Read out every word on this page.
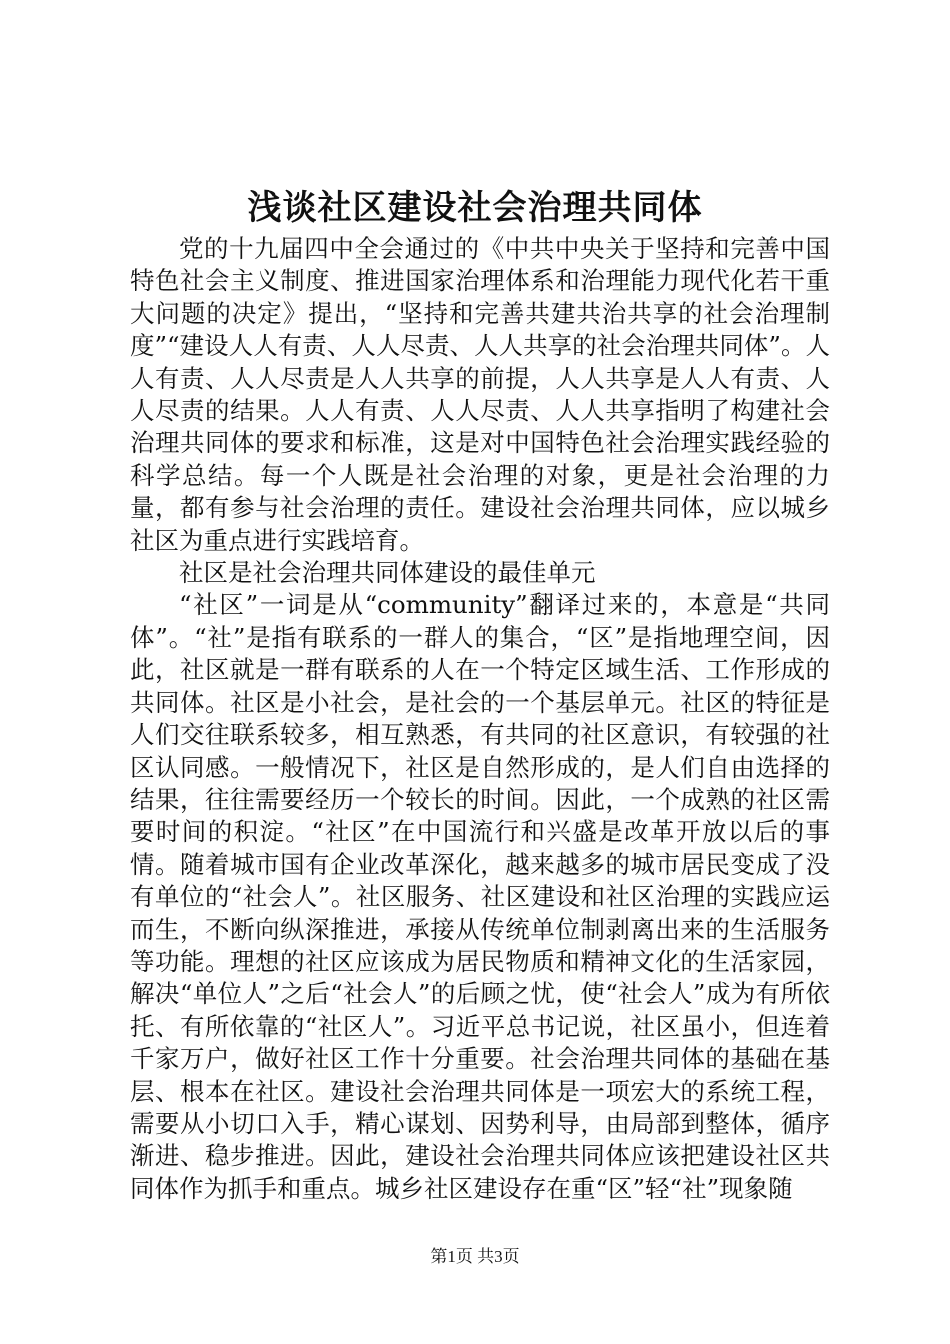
浅谈社区建设社会治理共同体

党的十九届四中全会通过的《中共中央关于坚持和完善中国特色社会主义制度、推进国家治理体系和治理能力现代化若干重大问题的决定》提出，“坚持和完善共建共治共享的社会治理制度”“建设人人有责、人人尽责、人人共享的社会治理共同体”。人人有责、人人尽责是人人共享的前提，人人共享是人人有责、人人尽责的结果。人人有责、人人尽责、人人共享指明了构建社会治理共同体的要求和标准，这是对中国特色社会治理实践经验的科学总结。每一个人既是社会治理的对象，更是社会治理的力量，都有参与社会治理的责任。建设社会治理共同体，应以城乡社区为重点进行实践培育。

社区是社会治理共同体建设的最佳单元

“社区”一词是从“community”翻译过来的，本意是“共同体”。“社”是指有联系的一群人的集合，“区”是指地理空间，因此，社区就是一群有联系的人在一个特定区域生活、工作形成的共同体。社区是小社会，是社会的一个基层单元。社区的特征是人们交往联系较多，相互熟悉，有共同的社区意识，有较强的社区认同感。一般情况下，社区是自然形成的，是人们自由选择的结果，往往需要经历一个较长的时间。因此，一个成熟的社区需要时间的积淀。“社区”在中国流行和兴盛是改革开放以后的事情。随着城市国有企业改革深化，越来越多的城市居民变成了没有单位的“社会人”。社区服务、社区建设和社区治理的实践应运而生，不断向纵深推进，承接从传统单位制剥离出来的生活服务等功能。理想的社区应该成为居民物质和精神文化的生活家园，解决“单位人”之后“社会人”的后顾之忧，使“社会人”成为有所依托、有所依靠的“社区人”。习近平总书记说，社区虽小，但连着千家万户，做好社区工作十分重要。社会治理共同体的基础在基层、根本在社区。建设社会治理共同体是一项宏大的系统工程，需要从小切口入手，精心谋划、因势利导，由局部到整体，循序渐进、稳步推进。因此，建设社会治理共同体应该把建设社区共同体作为抓手和重点。城乡社区建设存在重“区”轻“社”现象随

第1页 共3页
